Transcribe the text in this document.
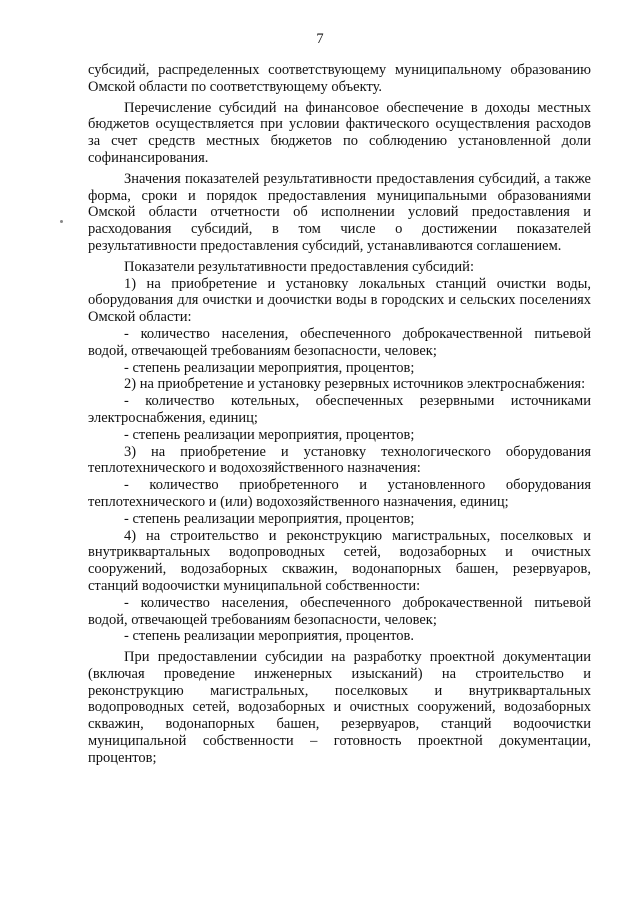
7

субсидий, распределенных соответствующему муниципальному образованию Омской области по соответствующему объекту.

Перечисление субсидий на финансовое обеспечение в доходы местных бюджетов осуществляется при условии фактического осуществления расходов за счет средств местных бюджетов по соблюдению установленной доли софинансирования.

Значения показателей результативности предоставления субсидий, а также форма, сроки и порядок предоставления муниципальными образованиями Омской области отчетности об исполнении условий предоставления и расходования субсидий, в том числе о достижении показателей результативности предоставления субсидий, устанавливаются соглашением.

Показатели результативности предоставления субсидий:

1) на приобретение и установку локальных станций очистки воды, оборудования для очистки и доочистки воды в городских и сельских поселениях Омской области:

- количество населения, обеспеченного доброкачественной питьевой водой, отвечающей требованиям безопасности, человек;

- степень реализации мероприятия, процентов;

2) на приобретение и установку резервных источников электроснабжения:

- количество котельных, обеспеченных резервными источниками электроснабжения, единиц;

- степень реализации мероприятия, процентов;

3) на приобретение и установку технологического оборудования теплотехнического и водохозяйственного назначения:

- количество приобретенного и установленного оборудования теплотехнического и (или) водохозяйственного назначения, единиц;

- степень реализации мероприятия, процентов;

4) на строительство и реконструкцию магистральных, поселковых и внутриквартальных водопроводных сетей, водозаборных и очистных сооружений, водозаборных скважин, водонапорных башен, резервуаров, станций водоочистки муниципальной собственности:

- количество населения, обеспеченного доброкачественной питьевой водой, отвечающей требованиям безопасности, человек;

- степень реализации мероприятия, процентов.

При предоставлении субсидии на разработку проектной документации (включая проведение инженерных изысканий) на строительство и реконструкцию магистральных, поселковых и внутриквартальных водопроводных сетей, водозаборных и очистных сооружений, водозаборных скважин, водонапорных башен, резервуаров, станций водоочистки муниципальной собственности – готовность проектной документации, процентов;
